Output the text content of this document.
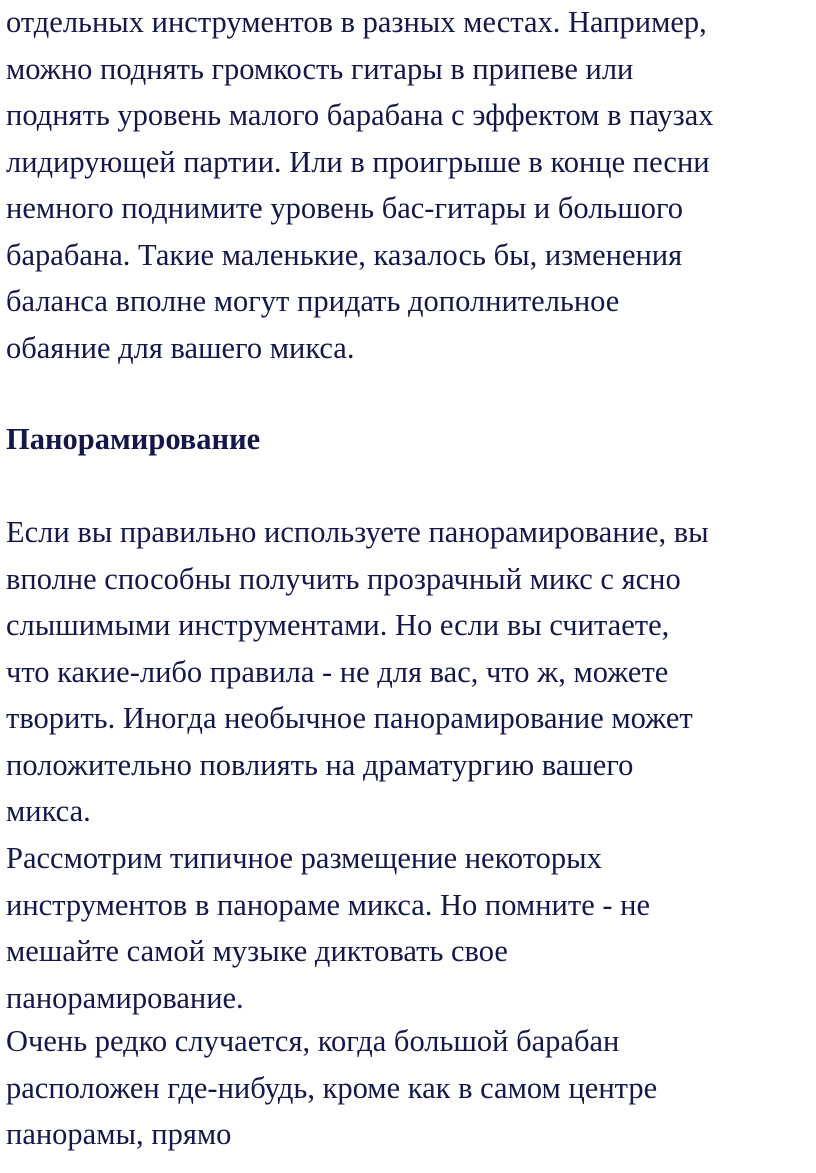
отдельных инструментов в разных местах. Например,
можно поднять громкость гитары в припеве или
поднять уровень малого барабана с эффектом в паузах
лидирующей партии. Или в проигрыше в конце песни
немного поднимите уровень бас-гитары и большого
барабана. Такие маленькие, казалось бы, изменения
баланса вполне могут придать дополнительное
обаяние для вашего микса.
Панорамирование
Если вы правильно используете панорамирование, вы
вполне способны получить прозрачный микс с ясно
слышимыми инструментами. Но если вы считаете,
что какие-либо правила - не для вас, что ж, можете
творить. Иногда необычное панорамирование может
положительно повлиять на драматургию вашего
микса.
Рассмотрим типичное размещение некоторых
инструментов в панораме микса. Но помните - не
мешайте самой музыке диктовать свое
панорамирование.
Очень редко случается, когда большой барабан
расположен где-нибудь, кроме как в самом центре
панорамы, прямо
